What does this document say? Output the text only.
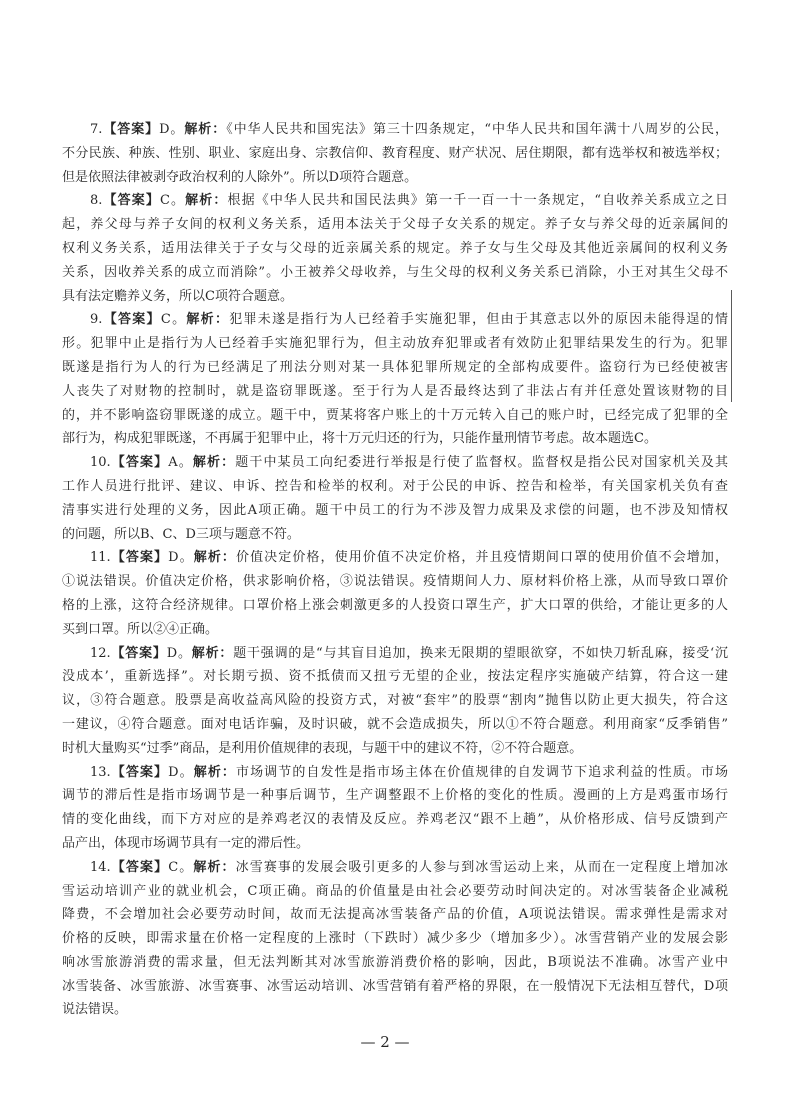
7.【答案】D。解析：《中华人民共和国宪法》第三十四条规定，“中华人民共和国年满十八周岁的公民，
不分民族、种族、性别、职业、家庭出身、宗教信仰、教育程度、财产状况、居住期限，都有选举权和被选举权；
但是依照法律被剥夺政治权利的人除外”。所以D项符合题意。
8.【答案】C。解析：根据《中华人民共和国民法典》第一千一百一十一条规定，“自收养关系成立之日
起，养父母与养子女间的权利义务关系，适用本法关于父母子女关系的规定。养子女与养父母的近亲属间的
权利义务关系，适用法律关于子女与父母的近亲属关系的规定。养子女与生父母及其他近亲属间的权利义务
关系，因收养关系的成立而消除”。小王被养父母收养，与生父母的权利义务关系已消除，小王对其生父母不
具有法定赡养义务，所以C项符合题意。
9.【答案】C。解析：犯罪未遂是指行为人已经着手实施犯罪，但由于其意志以外的原因未能得逞的情
形。犯罪中止是指行为人已经着手实施犯罪行为，但主动放弃犯罪或者有效防止犯罪结果发生的行为。犯罪
既遂是指行为人的行为已经满足了刑法分则对某一具体犯罪所规定的全部构成要件。盗窃行为已经使被害
人丧失了对财物的控制时，就是盗窃罪既遂。至于行为人是否最终达到了非法占有并任意处置该财物的目
的，并不影响盗窃罪既遂的成立。题干中，贾某将客户账上的十万元转入自己的账户时，已经完成了犯罪的全
部行为，构成犯罪既遂，不再属于犯罪中止，将十万元归还的行为，只能作量刑情节考虑。故本题选C。
10.【答案】A。解析：题干中某员工向纪委进行举报是行使了监督权。监督权是指公民对国家机关及其
工作人员进行批评、建议、申诉、控告和检举的权利。对于公民的申诉、控告和检举，有关国家机关负有查
清事实进行处理的义务，因此A项正确。题干中员工的行为不涉及智力成果及求偿的问题，也不涉及知情权
的问题，所以B、C、D三项与题意不符。
11.【答案】D。解析：价值决定价格，使用价值不决定价格，并且疫情期间口罩的使用价值不会增加，
①说法错误。价值决定价格，供求影响价格，③说法错误。疫情期间人力、原材料价格上涨，从而导致口罩价
格的上涨，这符合经济规律。口罩价格上涨会刺激更多的人投资口罩生产，扩大口罩的供给，才能让更多的人
买到口罩。所以②④正确。
12.【答案】D。解析：题干强调的是“与其盲目追加，换来无限期的望眼欲穿，不如快刀斩乱麻，接受‘沉
没成本’，重新选择”。对长期亏损、资不抵债而又扭亏无望的企业，按法定程序实施破产结算，符合这一建
议，③符合题意。股票是高收益高风险的投资方式，对被“套牢”的股票“割肉”抛售以防止更大损失，符合这
一建议，④符合题意。面对电话诈骗，及时识破，就不会造成损失，所以①不符合题意。利用商家“反季销售”
时机大量购买“过季”商品，是利用价值规律的表现，与题干中的建议不符，②不符合题意。
13.【答案】D。解析：市场调节的自发性是指市场主体在价值规律的自发调节下追求利益的性质。市场
调节的滞后性是指市场调节是一种事后调节，生产调整跟不上价格的变化的性质。漫画的上方是鸡蛋市场行
情的变化曲线，而下方对应的是养鸡老汉的表情及反应。养鸡老汉“跟不上趟”，从价格形成、信号反馈到产
品产出，体现市场调节具有一定的滞后性。
14.【答案】C。解析：冰雪赛事的发展会吸引更多的人参与到冰雪运动上来，从而在一定程度上增加冰
雪运动培训产业的就业机会，C项正确。商品的价值量是由社会必要劳动时间决定的。对冰雪装备企业减税
降费，不会增加社会必要劳动时间，故而无法提高冰雪装备产品的价值，A项说法错误。需求弹性是需求对
价格的反映，即需求量在价格一定程度的上涨时（下跌时）减少多少（增加多少）。冰雪营销产业的发展会影
响冰雪旅游消费的需求量，但无法判断其对冰雪旅游消费价格的影响，因此，B项说法不准确。冰雪产业中
冰雪装备、冰雪旅游、冰雪赛事、冰雪运动培训、冰雪营销有着严格的界限，在一般情况下无法相互替代，D项
说法错误。
— 2 —
